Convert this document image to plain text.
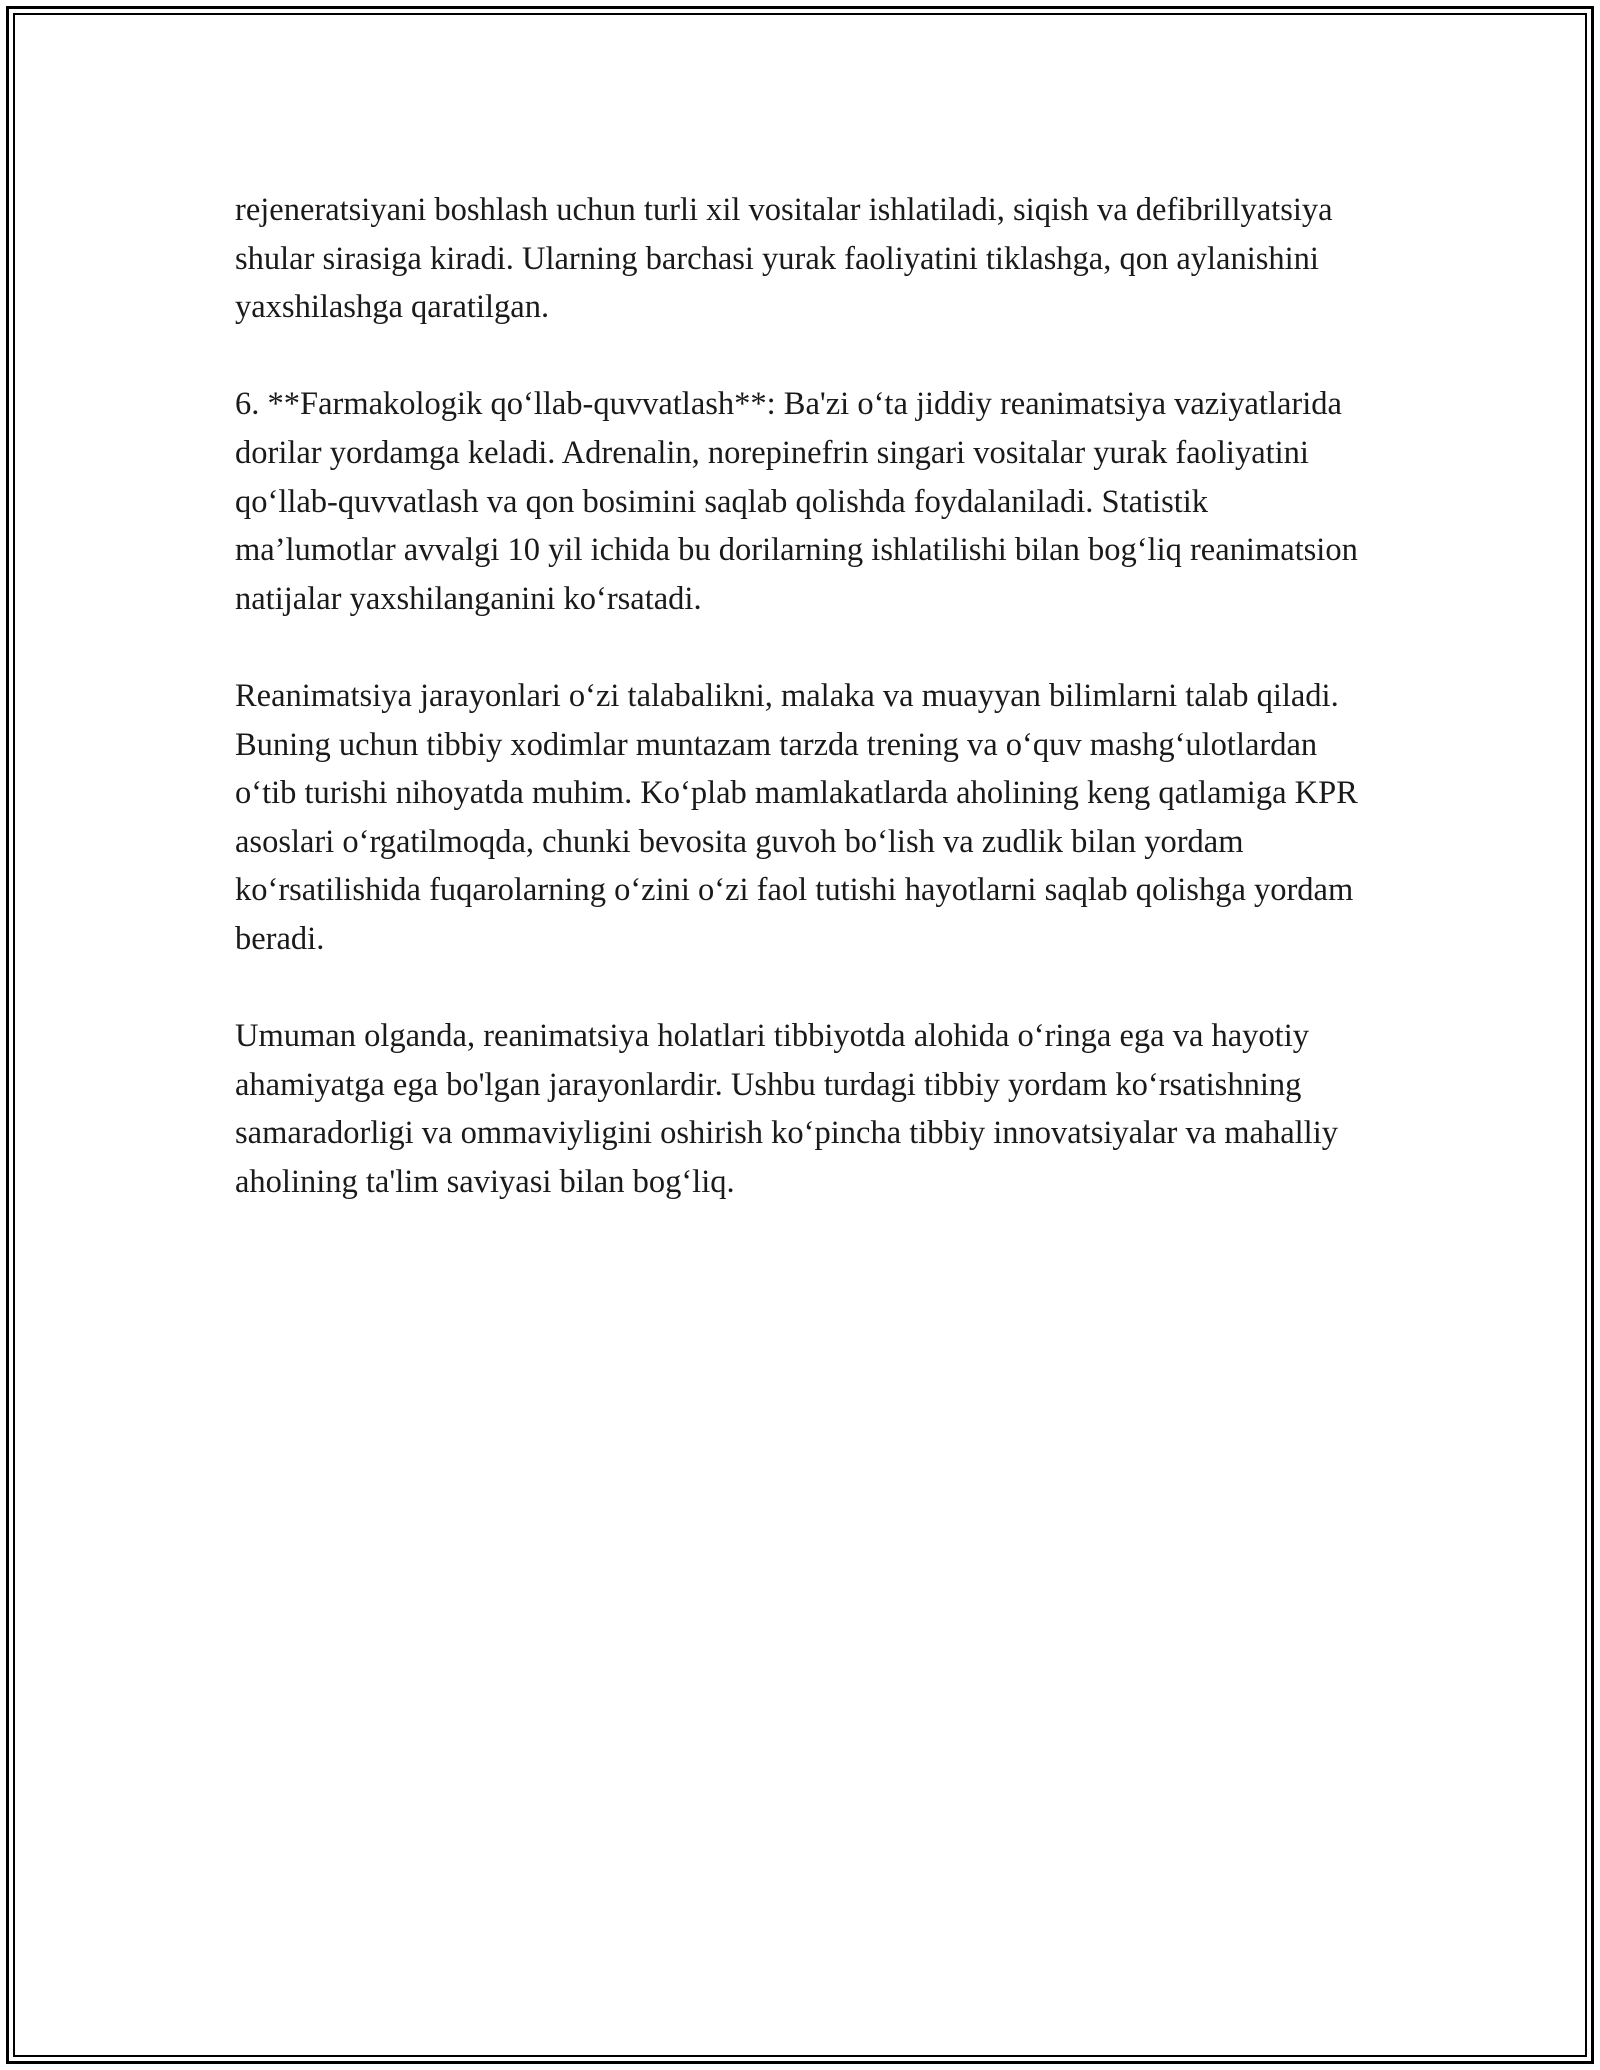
rejeneratsiyani boshlash uchun turli xil vositalar ishlatiladi, siqish va defibrillyatsiya shular sirasiga kiradi. Ularning barchasi yurak faoliyatini tiklashga, qon aylanishini yaxshilashga qaratilgan.

6. **Farmakologik qo‘llab-quvvatlash**: Ba'zi o‘ta jiddiy reanimatsiya vaziyatlarida dorilar yordamga keladi. Adrenalin, norepinefrin singari vositalar yurak faoliyatini qo‘llab-quvvatlash va qon bosimini saqlab qolishda foydalaniladi. Statistik ma’lumotlar avvalgi 10 yil ichida bu dorilarning ishlatilishi bilan bog‘liq reanimatsion natijalar yaxshilanganini ko‘rsatadi.

Reanimatsiya jarayonlari o‘zi talabalikni, malaka va muayyan bilimlarni talab qiladi. Buning uchun tibbiy xodimlar muntazam tarzda trening va o‘quv mashg‘ulotlardan o‘tib turishi nihoyatda muhim. Ko‘plab mamlakatlarda aholining keng qatlamiga KPR asoslari o‘rgatilmoqda, chunki bevosita guvoh bo‘lish va zudlik bilan yordam ko‘rsatilishida fuqarolarning o‘zini o‘zi faol tutishi hayotlarni saqlab qolishga yordam beradi.

Umuman olganda, reanimatsiya holatlari tibbiyotda alohida o‘ringa ega va hayotiy ahamiyatga ega bo'lgan jarayonlardir. Ushbu turdagi tibbiy yordam ko‘rsatishning samaradorligi va ommaviyligini oshirish ko‘pincha tibbiy innovatsiyalar va mahalliy aholining ta'lim saviyasi bilan bog‘liq.
